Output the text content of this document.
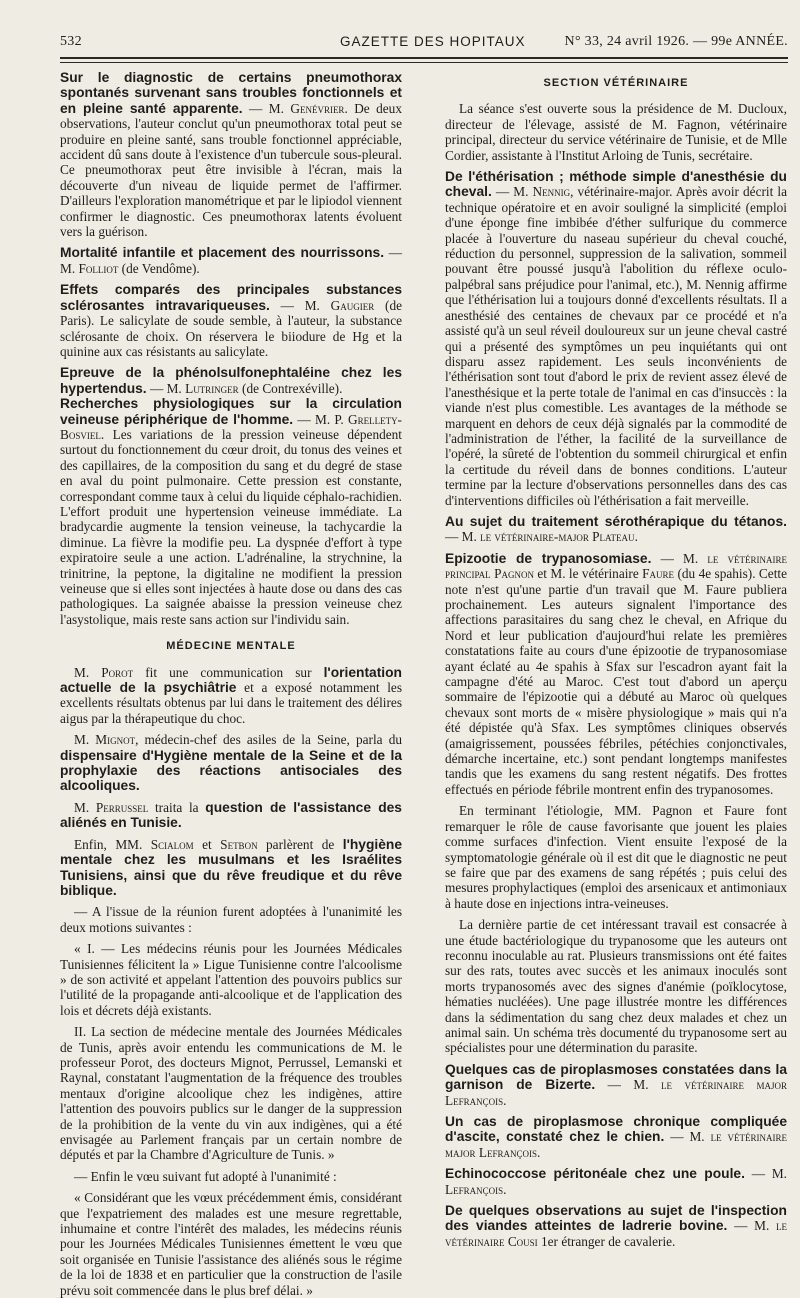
532	GAZETTE DES HOPITAUX	N° 33, 24 avril 1926. — 99e ANNÉE.

Sur le diagnostic de certains pneumothorax spontanés survenant sans troubles fonctionnels et en pleine santé apparente. — M. Genévrier. De deux observations, l'auteur conclut qu'un pneumothorax total peut se produire en pleine santé, sans trouble fonctionnel appréciable, accident dû sans doute à l'existence d'un tubercule sous-pleural. Ce pneumothorax peut être invisible à l'écran, mais la découverte d'un niveau de liquide permet de l'affirmer. D'ailleurs l'exploration manométrique et par le lipiodol viennent confirmer le diagnostic. Ces pneumothorax latents évoluent vers la guérison.

Mortalité infantile et placement des nourrissons. — M. Folliot (de Vendôme).

Effets comparés des principales substances sclérosantes intravariqueuses. — M. Gaugier (de Paris). Le salicylate de soude semble, à l'auteur, la substance sclérosante de choix. On réservera le biiodure de Hg et la quinine aux cas résistants au salicylate.

Epreuve de la phénolsulfonephtaléine chez les hypertendus. — M. Lutringer (de Contrexéville).

Recherches physiologiques sur la circulation veineuse périphérique de l'homme. — M. P. Grellety-Bosviel. Les variations de la pression veineuse dépendent surtout du fonctionnement du cœur droit, du tonus des veines et des capillaires, de la composition du sang et du degré de stase en aval du point pulmonaire. Cette pression est constante, correspondant comme taux à celui du liquide céphalo-rachidien. L'effort produit une hypertension veineuse immédiate. La bradycardie augmente la tension veineuse, la tachycardie la diminue. La fièvre la modifie peu. La dyspnée d'effort à type expiratoire seule a une action. L'adrénaline, la strychnine, la trinitrine, la peptone, la digitaline ne modifient la pression veineuse que si elles sont injectées à haute dose ou dans des cas pathologiques. La saignée abaisse la pression veineuse chez l'asystolique, mais reste sans action sur l'individu sain.

MÉDECINE MENTALE

M. Porot fit une communication sur l'orientation actuelle de la psychiâtrie et a exposé notamment les excellents résultats obtenus par lui dans le traitement des délires aigus par la thérapeutique du choc.

M. Mignot, médecin-chef des asiles de la Seine, parla du dispensaire d'Hygiène mentale de la Seine et de la prophylaxie des réactions antisociales des alcooliques.

M. Perrussel traita la question de l'assistance des aliénés en Tunisie.

Enfin, MM. Scialom et Setbon parlèrent de l'hygiène mentale chez les musulmans et les Israélites Tunisiens, ainsi que du rêve freudique et du rêve biblique.

— A l'issue de la réunion furent adoptées à l'unanimité les deux motions suivantes :

« I. — Les médecins réunis pour les Journées Médicales Tunisiennes félicitent la » Ligue Tunisienne contre l'alcoolisme » de son activité et appelant l'attention des pouvoirs publics sur l'utilité de la propagande anti-alcoolique et de l'application des lois et décrets déjà existants.

II. La section de médecine mentale des Journées Médicales de Tunis, après avoir entendu les communications de M. le professeur Porot, des docteurs Mignot, Perrussel, Lemanski et Raynal, constatant l'augmentation de la fréquence des troubles mentaux d'origine alcoolique chez les indigènes, attire l'attention des pouvoirs publics sur le danger de la suppression de la prohibition de la vente du vin aux indigènes, qui a été envisagée au Parlement français par un certain nombre de députés et par la Chambre d'Agriculture de Tunis. »

— Enfin le vœu suivant fut adopté à l'unanimité :

« Considérant que les vœux précédemment émis, considérant que l'expatriement des malades est une mesure regrettable, inhumaine et contre l'intérêt des malades, les médecins réunis pour les Journées Médicales Tunisiennes émettent le vœu que soit organisée en Tunisie l'assistance des aliénés sous le régime de la loi de 1838 et en particulier que la construction de l'asile prévu soit commencée dans le plus bref délai. »

SECTION VÉTÉRINAIRE

La séance s'est ouverte sous la présidence de M. Ducloux, directeur de l'élevage, assisté de M. Fagnon, vétérinaire principal, directeur du service vétérinaire de Tunisie, et de Mlle Cordier, assistante à l'Institut Arloing de Tunis, secrétaire.

De l'éthérisation ; méthode simple d'anesthésie du cheval. — M. Nennig, vétérinaire-major. Après avoir décrit la technique opératoire et en avoir souligné la simplicité (emploi d'une éponge fine imbibée d'éther sulfurique du commerce placée à l'ouverture du naseau supérieur du cheval couché, réduction du personnel, suppression de la salivation, sommeil pouvant être poussé jusqu'à l'abolition du réflexe oculo-palpébral sans préjudice pour l'animal, etc.), M. Nennig affirme que l'éthérisation lui a toujours donné d'excellents résultats. Il a anesthésié des centaines de chevaux par ce procédé et n'a assisté qu'à un seul réveil douloureux sur un jeune cheval castré qui a présenté des symptômes un peu inquiétants qui ont disparu assez rapidement. Les seuls inconvénients de l'éthérisation sont tout d'abord le prix de revient assez élevé de l'anesthésique et la perte totale de l'animal en cas d'insuccès : la viande n'est plus comestible. Les avantages de la méthode se marquent en dehors de ceux déjà signalés par la commodité de l'administration de l'éther, la facilité de la surveillance de l'opéré, la sûreté de l'obtention du sommeil chirurgical et enfin la certitude du réveil dans de bonnes conditions. L'auteur termine par la lecture d'observations personnelles dans des cas d'interventions difficiles où l'éthérisation a fait merveille.

Au sujet du traitement sérothérapique du tétanos. — M. le vétérinaire-major Plateau.

Epizootie de trypanosomiase. — M. le vétérinaire principal Pagnon et M. le vétérinaire Faure (du 4e spahis). Cette note n'est qu'une partie d'un travail que M. Faure publiera prochainement. Les auteurs signalent l'importance des affections parasitaires du sang chez le cheval, en Afrique du Nord et leur publication d'aujourd'hui relate les premières constatations faite au cours d'une épizootie de trypanosomiase ayant éclaté au 4e spahis à Sfax sur l'escadron ayant fait la campagne d'été au Maroc. C'est tout d'abord un aperçu sommaire de l'épizootie qui a débuté au Maroc où quelques chevaux sont morts de « misère physiologique » mais qui n'a été dépistée qu'à Sfax. Les symptômes cliniques observés (amaigrissement, poussées fébriles, pétéchies conjonctivales, démarche incertaine, etc.) sont pendant longtemps manifestes tandis que les examens du sang restent négatifs. Des frottes effectués en période fébrile montrent enfin des trypanosomes.

En terminant l'étiologie, MM. Pagnon et Faure font remarquer le rôle de cause favorisante que jouent les plaies comme surfaces d'infection. Vient ensuite l'exposé de la symptomatologie générale où il est dit que le diagnostic ne peut se faire que par des examens de sang répétés ; puis celui des mesures prophylactiques (emploi des arsenicaux et antimoniaux à haute dose en injections intra-veineuses.

La dernière partie de cet intéressant travail est consacrée à une étude bactériologique du trypanosome que les auteurs ont reconnu inoculable au rat. Plusieurs transmissions ont été faites sur des rats, toutes avec succès et les animaux inoculés sont morts trypanosomés avec des signes d'anémie (poïklocytose, hématies nucléées). Une page illustrée montre les différences dans la sédimentation du sang chez deux malades et chez un animal sain. Un schéma très documenté du trypanosome sert au spécialistes pour une détermination du parasite.

Quelques cas de piroplasmoses constatées dans la garnison de Bizerte. — M. le vétérinaire major Lefrançois.

Un cas de piroplasmose chronique compliquée d'ascite, constaté chez le chien. — M. le vétérinaire major Lefrançois.

Echinococcose péritonéale chez une poule. — M. Lefrançois.

De quelques observations au sujet de l'inspection des viandes atteintes de ladrerie bovine. — M. le vétérinaire Cousi 1er étranger de cavalerie.
